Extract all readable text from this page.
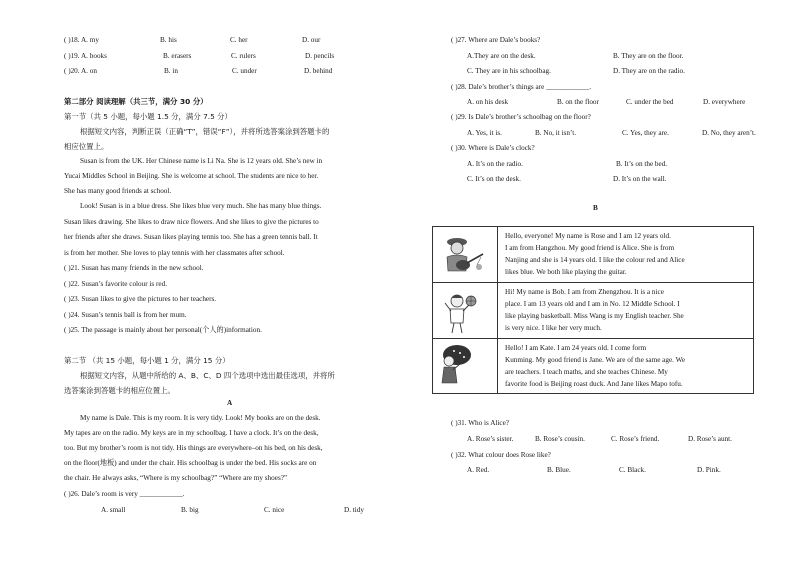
( )18. A. my	B. his	C. her	D. our
( )19. A. books	B. erasers	C. rulers	D. pencils
( )20. A. on	B. in	C. under	D. behind
第二部分 阅读理解（共三节，满分 30 分）
第一节（共 5 小题，每小题 1.5 分，满分 7.5 分）
根据短文内容，判断正误（正确“T”，错误“F”），并将所选答案涂到答题卡的
相应位置上。
Susan is from the UK. Her Chinese name is Li Na. She is 12 years old. She’s new in
Yucai Middles School in Beijing. She is welcome at school. The students are nice to her.
She has many good friends at school.
Look! Susan is in a blue dress. She likes blue very much. She has many blue things.
Susan likes drawing. She likes to draw nice flowers. And she likes to give the pictures to
her friends after she draws. Susan likes playing tennis too. She has a green tennis ball. It
is from her mother. She loves to play tennis with her classmates after school.
( )21. Susan has many friends in the new school.
( )22. Susan’s favorite colour is red.
( )23. Susan likes to give the pictures to her teachers.
( )24. Susan’s tennis ball is from her mum.
( )25. The passage is mainly about her personal(个人的)information.
第二节 （共 15 小题，每小题 1 分，满分 15 分）
根据短文内容，从题中所给的 A、B、C、D 四个选项中选出最佳选项，并将所
选答案涂到答题卡的相应位置上。
A
My name is Dale. This is my room. It is very tidy. Look! My books are on the desk.
My tapes are on the radio. My keys are in my schoolbag. I have a clock. It’s on the desk,
too. But my brother’s room is not tidy. His things are everywhere–on his bed, on his desk,
on the floor(地板) and under the chair. His schoolbag is under the bed. His socks are on
the chair. He always asks, “Where is my schoolbag?” “Where are my shoes?”
( )26. Dale’s room is very ____________.
A. small	B. big	C. nice	D. tidy
( )27. Where are Dale’s books?
A.They are on the desk.	B. They are on the floor.
C. They are in his schoolbag.	D. They are on the radio.
( )28. Dale’s brother’s things are ____________.
A. on his desk	B. on the floor	C. under the bed	D. everywhere
( )29. Is Dale’s brother’s schoolbag on the floor?
A. Yes, it is.	B. No, it isn’t.	C. Yes, they are.	D. No, they aren’t.
( )30. Where is Dale’s clock?
A. It’s on the radio.	B. It’s on the bed.
C. It’s on the desk.	D. It’s on the wall.
B
Hello, everyone! My name is Rose and I am 12 years old.
I am from Hangzhou. My good friend is Alice. She is from
Nanjing and she is 14 years old. I like the colour red and Alice
likes blue. We both like playing the guitar.
Hi! My name is Bob. I am from Zhengzhou. It is a nice
place. I am 13 years old and I am in No. 12 Middle School. I
like playing basketball. Miss Wang is my English teacher. She
is very nice. I like her very much.
Hello! I am Kate. I am 24 years old. I come form
Kunming. My good friend is Jane. We are of the same age. We
are teachers. I teach maths, and she teaches Chinese. My
favorite food is Beijing roast duck. And Jane likes Mapo tofu.
( )31. Who is Alice?
A. Rose’s sister.	B. Rose’s cousin.	C. Rose’s friend.	D. Rose’s aunt.
( )32. What colour does Rose like?
A. Red.	B. Blue.	C. Black.	D. Pink.
